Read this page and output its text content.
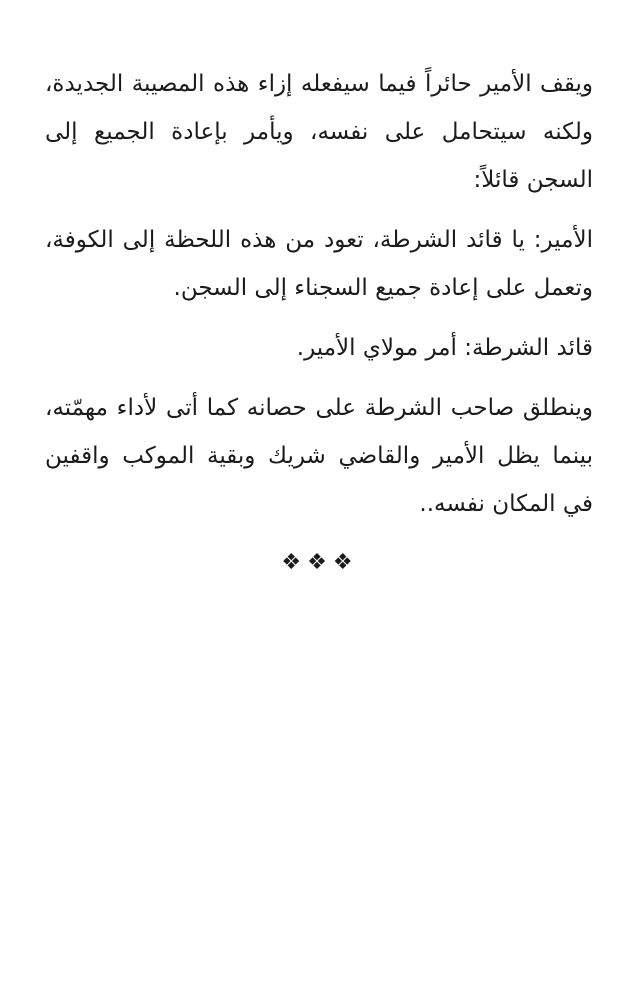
ويقف الأمير حائراً فيما سيفعله إزاء هذه المصيبة الجديدة، ولكنه سيتحامل على نفسه، ويأمر بإعادة الجميع إلى السجن قائلاً:

الأمير: يا قائد الشرطة، تعود من هذه اللحظة إلى الكوفة، وتعمل على إعادة جميع السجناء إلى السجن.

قائد الشرطة: أمر مولاي الأمير.

وينطلق صاحب الشرطة على حصانه كما أتى لأداء مهمّته، بينما يظل الأمير والقاضي شريك وبقية الموكب واقفين في المكان نفسه..

❖❖❖
